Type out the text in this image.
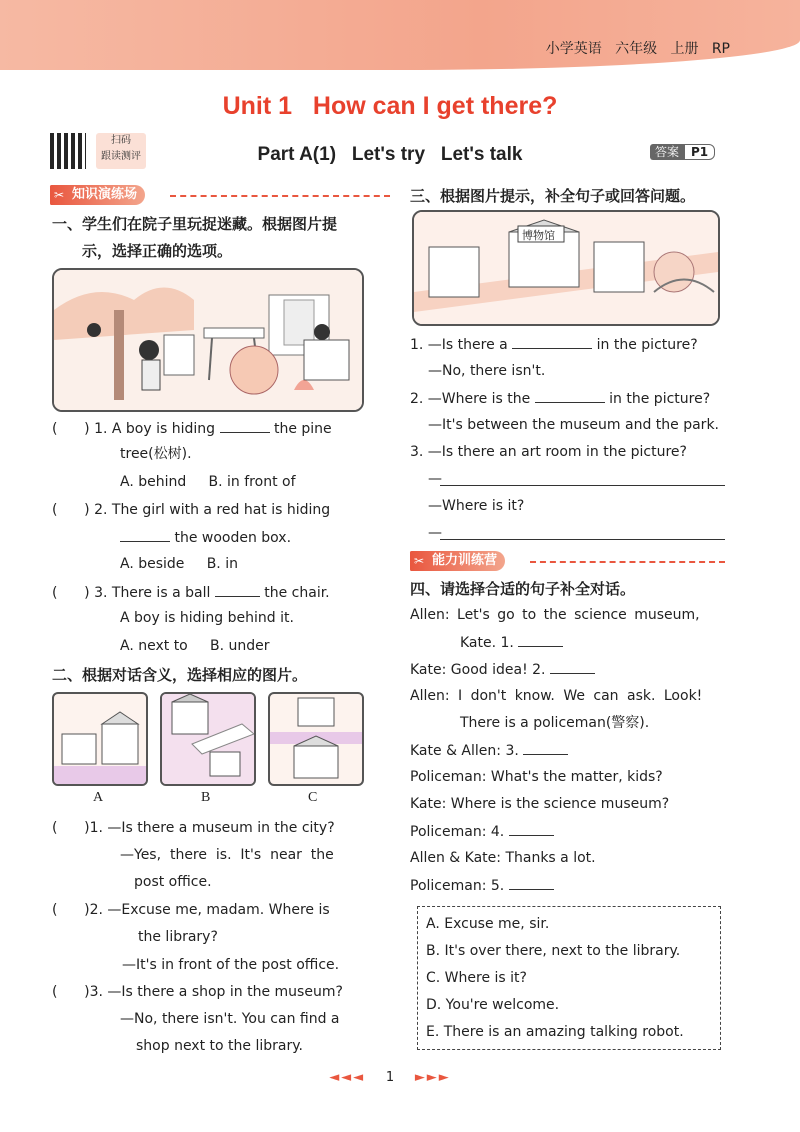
小学英语 六年级 上册 RP
Unit 1   How can I get there?
扫码
跟读测评	Part A(1)   Let's try   Let's talk	答案 P1
✂ 知识演练场
一、学生们在院子里玩捉迷藏。根据图片提
示，选择正确的选项。
(      ) 1. A boy is hiding	the pine
tree(松树).
A. behind B. in front of
(      ) 2. The girl with a red hat is hiding
the wooden box.
A. beside B. in
(      ) 3. There is a ball	the chair.
A boy is hiding behind it.
A. next to B. under
二、根据对话含义，选择相应的图片。
A	B	C
(      )1. —Is there a museum in the city?
—Yes,  there  is.  It's  near  the
post office.
(      )2. —Excuse me, madam. Where is
the library?
—It's in front of the post office.
(      )3. —Is there a shop in the museum?
—No, there isn't. You can find a
shop next to the library.
三、根据图片提示，补全句子或回答问题。
博物馆
1. —Is there a	in the picture?
—No, there isn't.
2. —Where is the	in the picture?
—It's between the museum and the park.
3. —Is there an art room in the picture?
—
—Where is it?
—
✂ 能力训练营
四、请选择合适的句子补全对话。
Allen: Let's go to the science museum,
Kate. 1.
Kate: Good idea! 2.
Allen: I don't know. We can ask. Look!
There is a policeman(警察).
Kate & Allen: 3.
Policeman: What's the matter, kids?
Kate: Where is the science museum?
Policeman: 4.
Allen & Kate: Thanks a lot.
Policeman: 5.
A. Excuse me, sir.
B. It's over there, next to the library.
C. Where is it?
D. You're welcome.
E. There is an amazing talking robot.
◄◄◄ 1 ►►►
